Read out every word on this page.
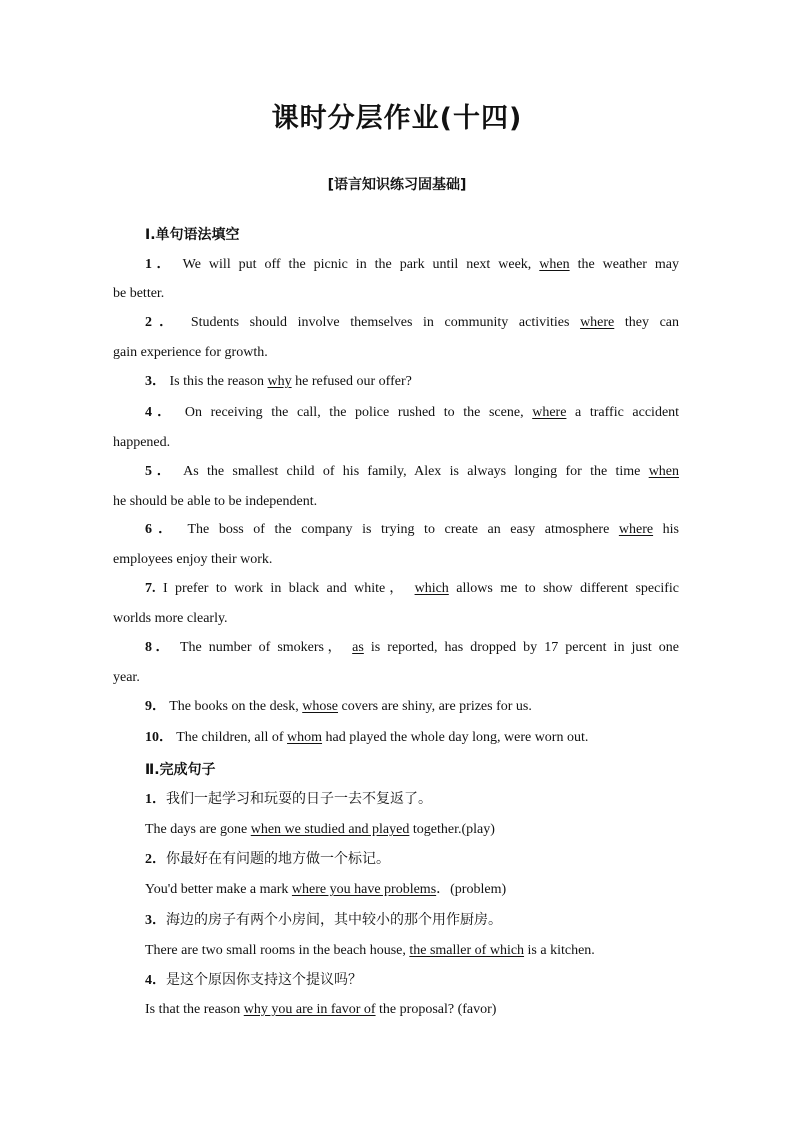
课时分层作业(十四)
[语言知识练习固基础]
Ⅰ.单句语法填空
1． We will put off the picnic in the park until next week, when the weather may
be better.
2． Students should involve themselves in community activities where they can
gain experience for growth.
3． Is this the reason why he refused our offer?
4． On receiving the call, the police rushed to the scene, where a traffic accident
happened.
5． As the smallest child of his family, Alex is always longing for the time when
he should be able to be independent.
6． The boss of the company is trying to create an easy atmosphere where his
employees enjoy their work.
7. I prefer to work in black and white， which allows me to show different specific
worlds more clearly.
8． The number of smokers， as is reported, has dropped by 17 percent in just one
year.
9． The books on the desk, whose covers are shiny, are prizes for us.
10． The children, all of whom had played the whole day long, were worn out.
Ⅱ.完成句子
1．我们一起学习和玩耍的日子一去不复返了。
The days are gone when we studied and played together.(play)
2．你最好在有问题的地方做一个标记。
You'd better make a mark where you have problems．(problem)
3．海边的房子有两个小房间，其中较小的那个用作厨房。
There are two small rooms in the beach house, the smaller of which is a kitchen.
4．是这个原因你支持这个提议吗？
Is that the reason why you are in favor of the proposal? (favor)
